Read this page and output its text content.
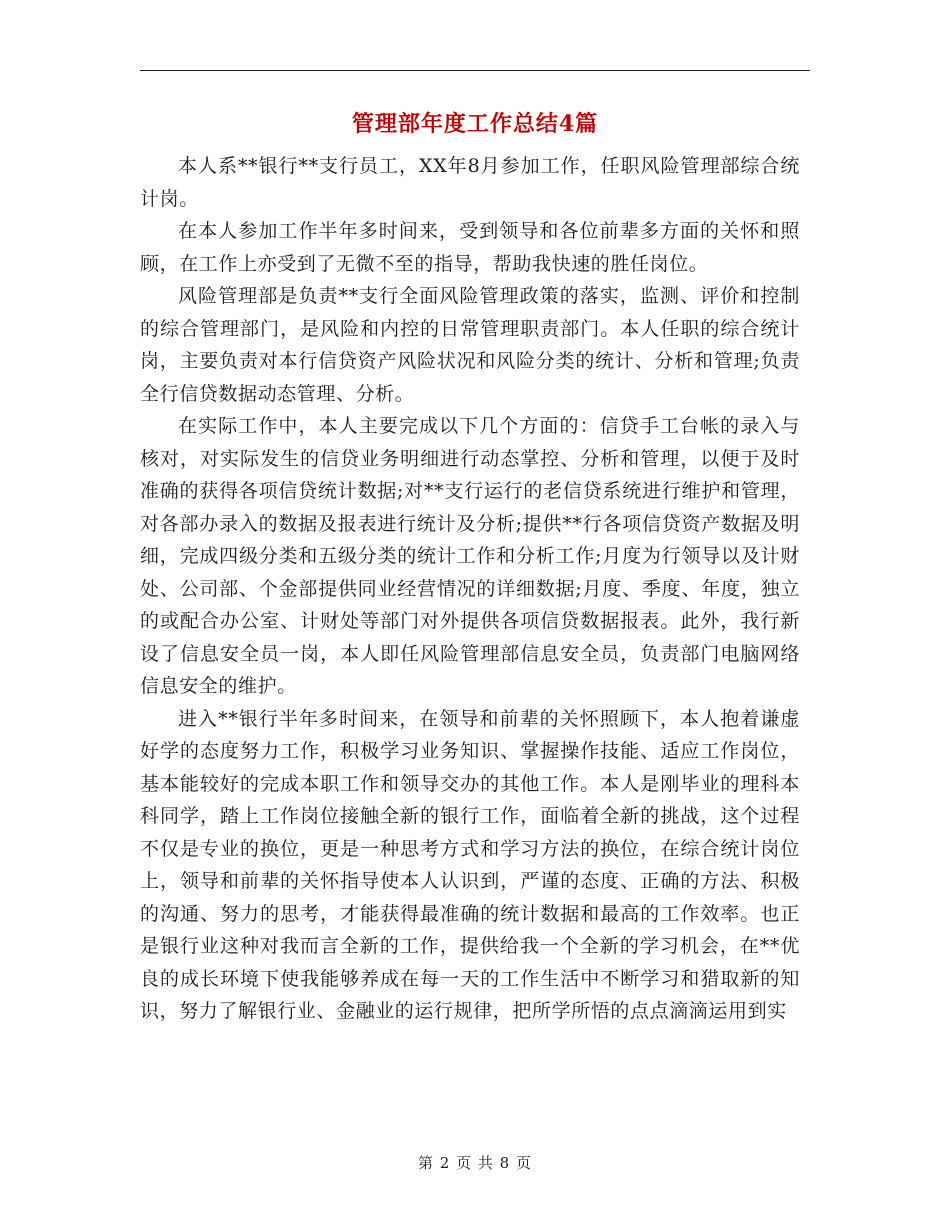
管理部年度工作总结4篇

本人系**银行**支行员工，XX年8月参加工作，任职风险管理部综合统计岗。

在本人参加工作半年多时间来，受到领导和各位前辈多方面的关怀和照顾，在工作上亦受到了无微不至的指导，帮助我快速的胜任岗位。

风险管理部是负责**支行全面风险管理政策的落实，监测、评价和控制的综合管理部门，是风险和内控的日常管理职责部门。本人任职的综合统计岗，主要负责对本行信贷资产风险状况和风险分类的统计、分析和管理;负责全行信贷数据动态管理、分析。

在实际工作中，本人主要完成以下几个方面的：信贷手工台帐的录入与核对，对实际发生的信贷业务明细进行动态掌控、分析和管理，以便于及时准确的获得各项信贷统计数据;对**支行运行的老信贷系统进行维护和管理，对各部办录入的数据及报表进行统计及分析;提供**行各项信贷资产数据及明细，完成四级分类和五级分类的统计工作和分析工作;月度为行领导以及计财处、公司部、个金部提供同业经营情况的详细数据;月度、季度、年度，独立的或配合办公室、计财处等部门对外提供各项信贷数据报表。此外，我行新设了信息安全员一岗，本人即任风险管理部信息安全员，负责部门电脑网络信息安全的维护。

进入**银行半年多时间来，在领导和前辈的关怀照顾下，本人抱着谦虚好学的态度努力工作，积极学习业务知识、掌握操作技能、适应工作岗位，基本能较好的完成本职工作和领导交办的其他工作。本人是刚毕业的理科本科同学，踏上工作岗位接触全新的银行工作，面临着全新的挑战，这个过程不仅是专业的换位，更是一种思考方式和学习方法的换位，在综合统计岗位上，领导和前辈的关怀指导使本人认识到，严谨的态度、正确的方法、积极的沟通、努力的思考，才能获得最准确的统计数据和最高的工作效率。也正是银行业这种对我而言全新的工作，提供给我一个全新的学习机会，在**优良的成长环境下使我能够养成在每一天的工作生活中不断学习和猎取新的知识，努力了解银行业、金融业的运行规律，把所学所悟的点点滴滴运用到实

第 2 页 共 8 页
